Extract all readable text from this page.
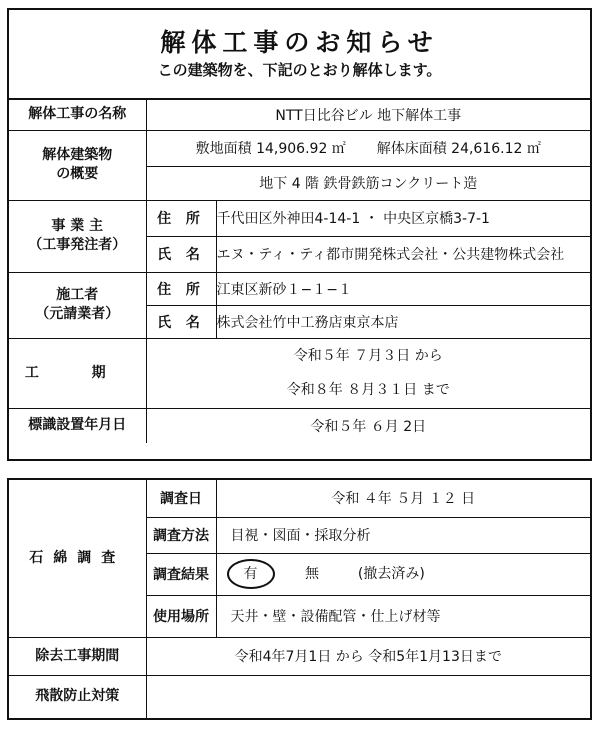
解体工事のお知らせ
この建築物を、下記のとおり解体します。
解体工事の名称	NTT日比谷ビル 地下解体工事	

解体建築物
の概要	敷地面積 14,906.92 ㎡ 解体床面積 24,616.12 ㎡	
	地下 4 階 鉄骨鉄筋コンクリート造	

事 業 主
（工事発注者）	住 所	千代田区外神田4-14-1 ・ 中央区京橋3-7-1
	氏 名	エヌ・ティ・ティ都市開発株式会社・公共建物株式会社

施工者
（元請業者）	住 所	江東区新砂１−１−１
	氏 名	株式会社竹中工務店東京本店
工 期	令和５年 ７月３日 から
令和８年 ８月３１日 まで	

標識設置年月日	令和５年 ６月 2日	
石綿調査	調査日	令和 ４年 ５月 １２ 日
	調査方法	目視・図面・採取分析
	調査結果	有 無 (撤去済み)
	使用場所	天井・壁・設備配管・仕上げ材等
除去工事期間	令和4年7月1日 から 令和5年1月13日まで	
飛散防止対策		
